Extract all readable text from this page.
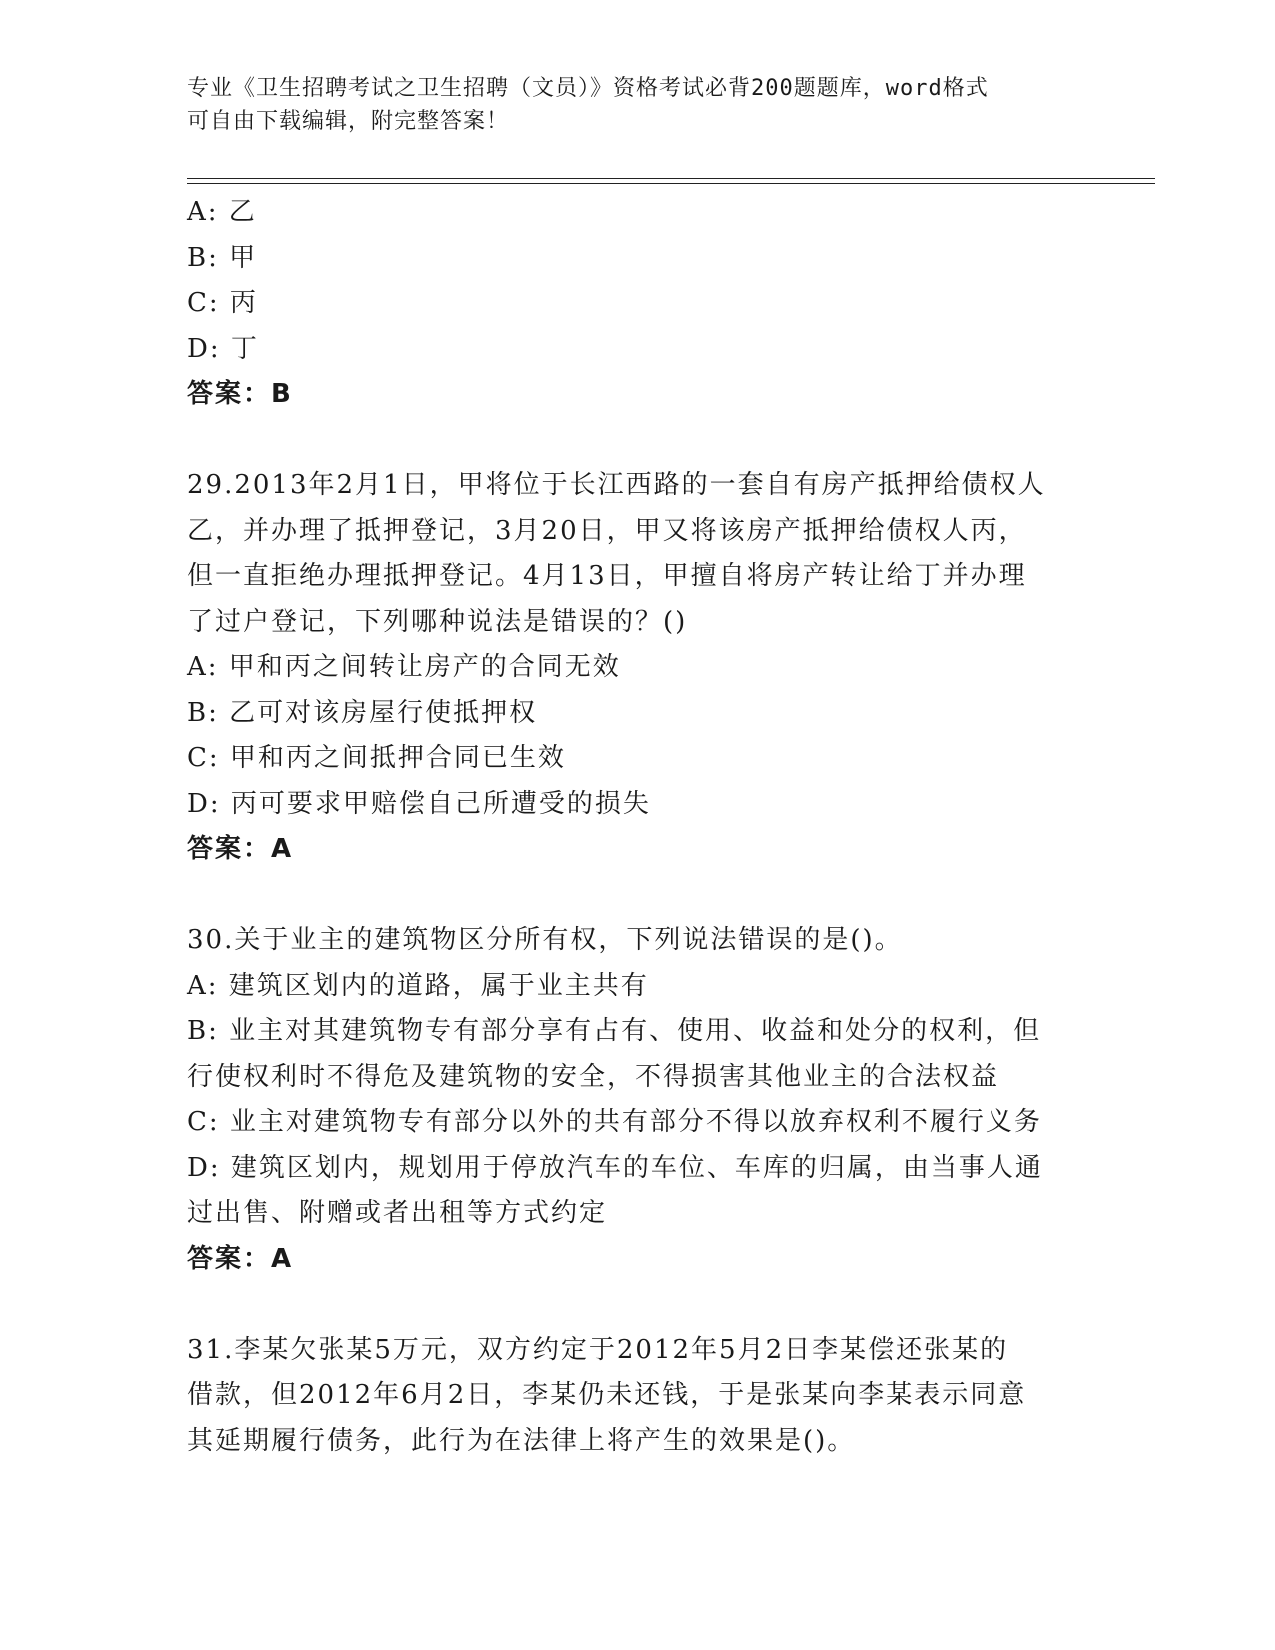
专业《卫生招聘考试之卫生招聘（文员）》资格考试必背200题题库，word格式
可自由下载编辑，附完整答案！
A: 乙
B: 甲
C: 丙
D: 丁
答案：B
29.2013年2月1日，甲将位于长江西路的一套自有房产抵押给债权人
乙，并办理了抵押登记，3月20日，甲又将该房产抵押给债权人丙，
但一直拒绝办理抵押登记。4月13日，甲擅自将房产转让给丁并办理
了过户登记，下列哪种说法是错误的？()
A: 甲和丙之间转让房产的合同无效
B: 乙可对该房屋行使抵押权
C: 甲和丙之间抵押合同已生效
D: 丙可要求甲赔偿自己所遭受的损失
答案：A
30.关于业主的建筑物区分所有权，下列说法错误的是()。
A: 建筑区划内的道路，属于业主共有
B: 业主对其建筑物专有部分享有占有、使用、收益和处分的权利，但
行使权利时不得危及建筑物的安全，不得损害其他业主的合法权益
C: 业主对建筑物专有部分以外的共有部分不得以放弃权利不履行义务
D: 建筑区划内，规划用于停放汽车的车位、车库的归属，由当事人通
过出售、附赠或者出租等方式约定
答案：A
31.李某欠张某5万元，双方约定于2012年5月2日李某偿还张某的
借款，但2012年6月2日，李某仍未还钱，于是张某向李某表示同意
其延期履行债务，此行为在法律上将产生的效果是()。
